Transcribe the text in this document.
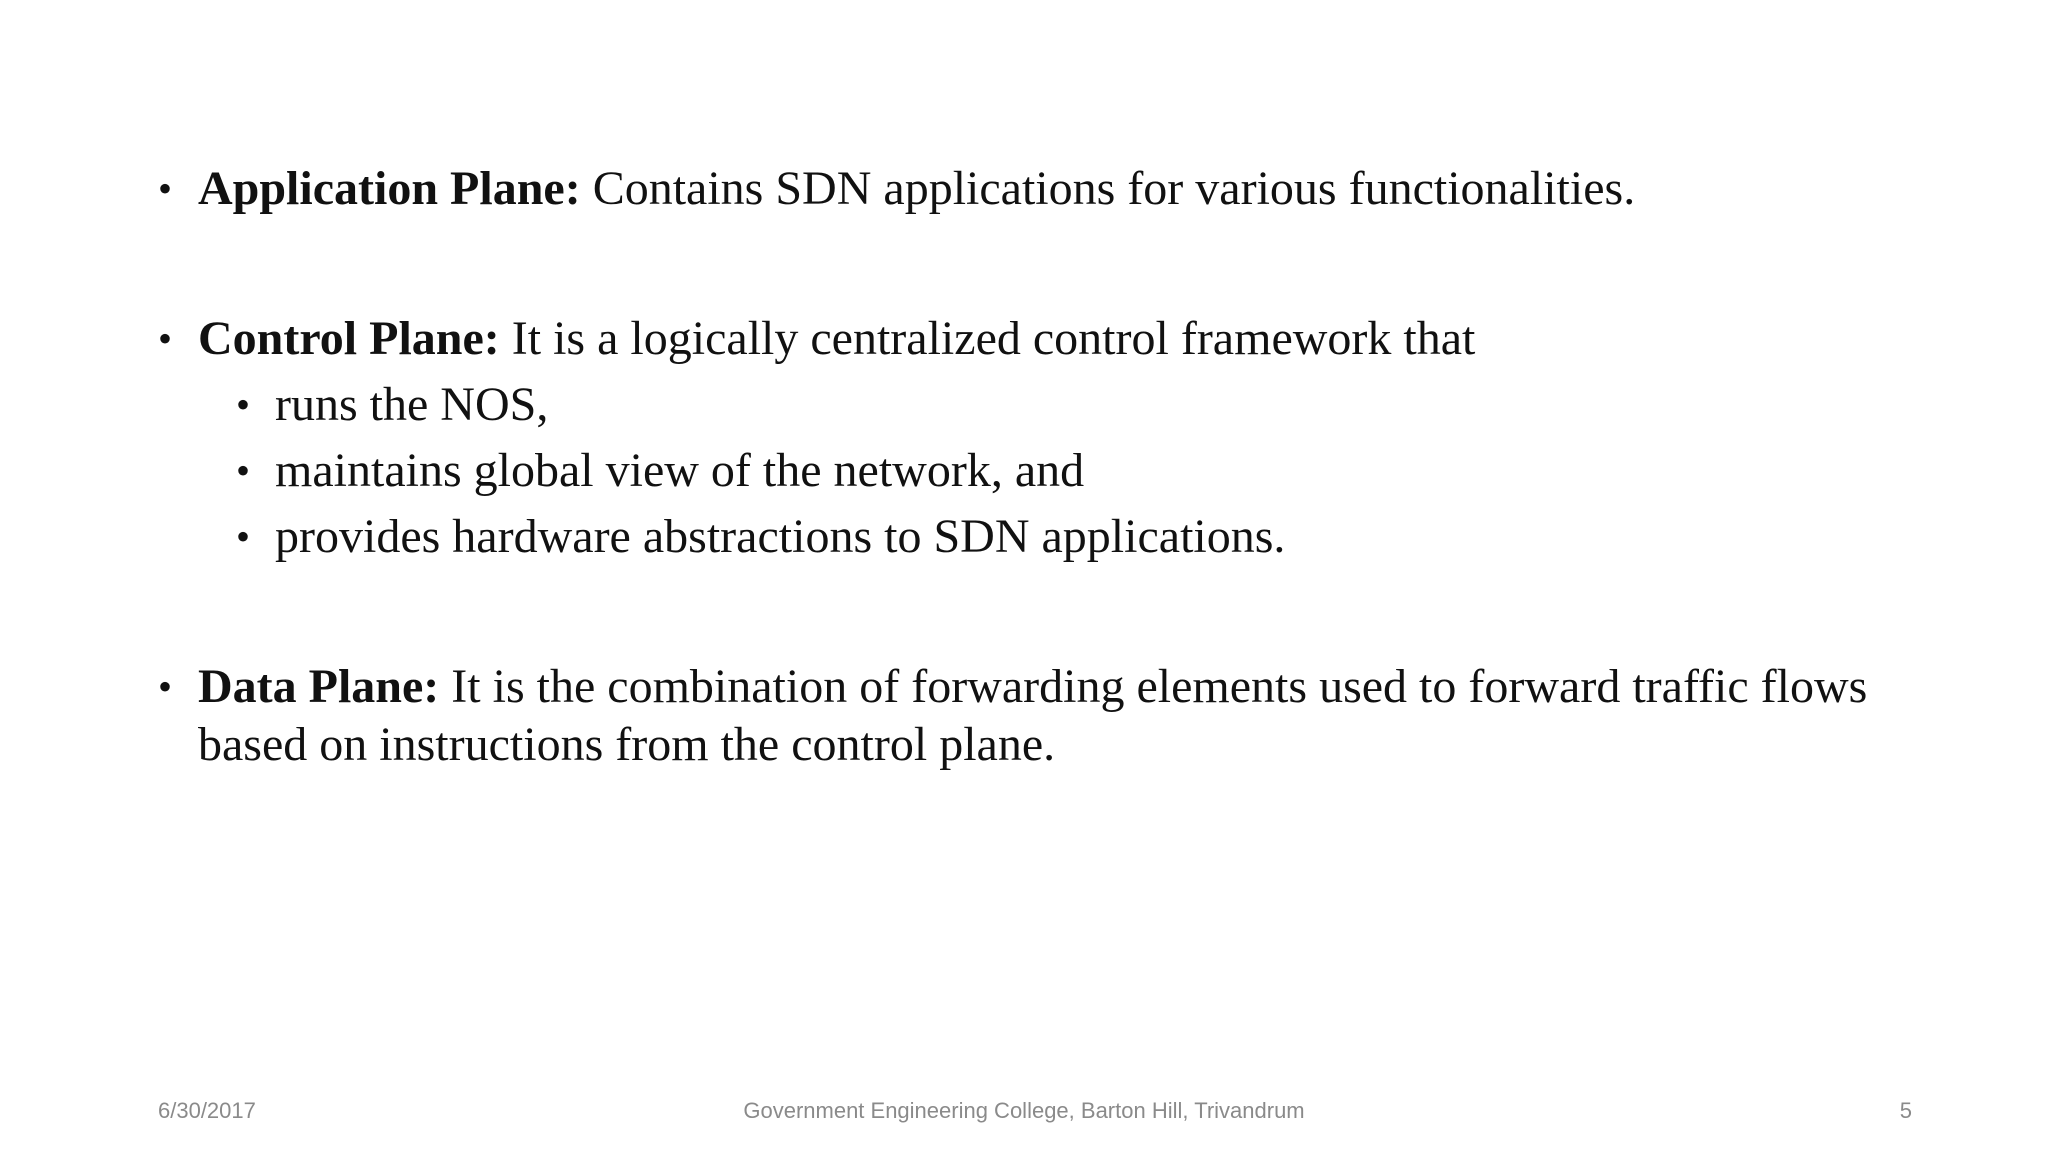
• Application Plane: Contains SDN applications for various functionalities.
• Control Plane: It is a logically centralized control framework that
• runs the NOS,
• maintains global view of the network, and
• provides hardware abstractions to SDN applications.
• Data Plane: It is the combination of forwarding elements used to forward traffic flows based on instructions from the control plane.
6/30/2017	Government Engineering College, Barton Hill, Trivandrum	5
